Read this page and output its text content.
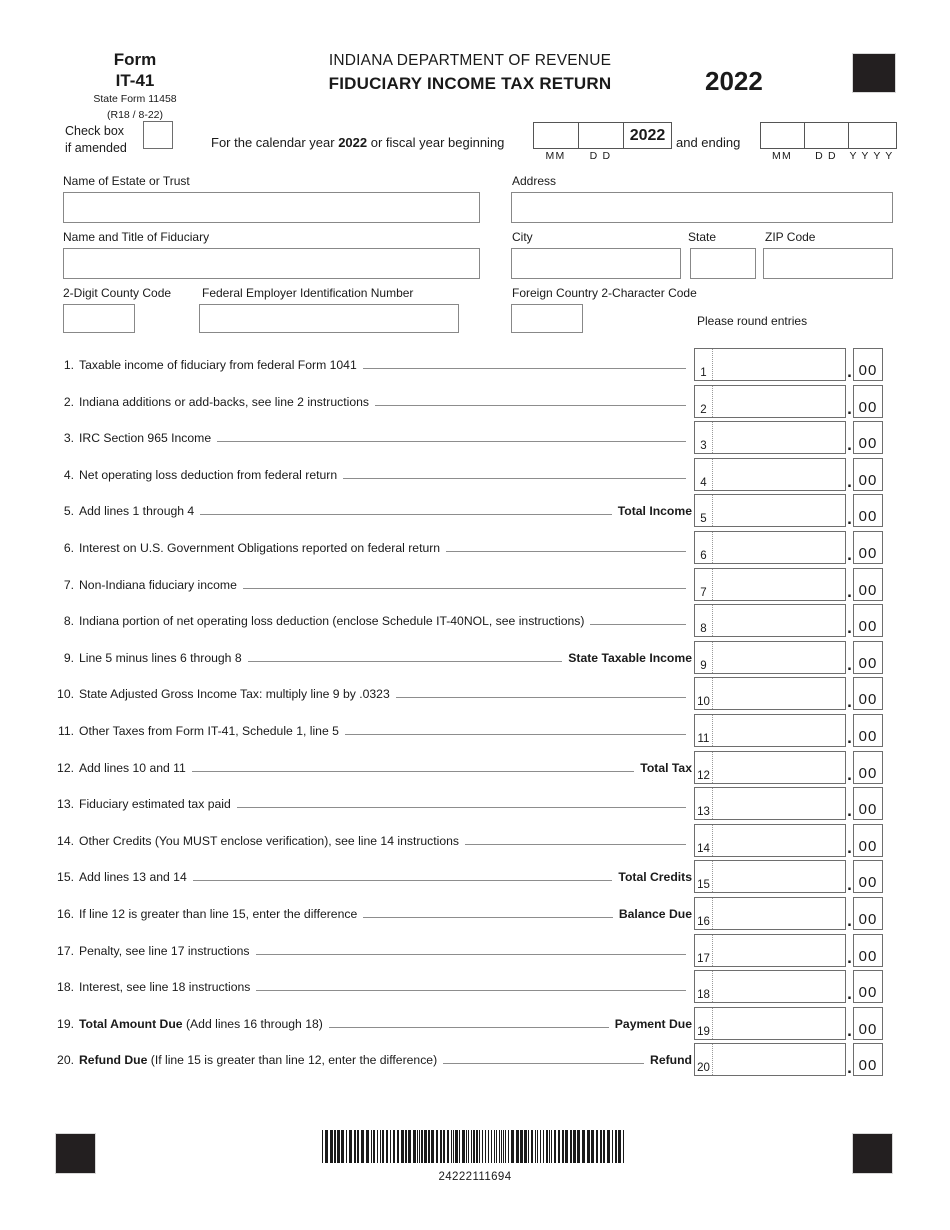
Form
IT-41
State Form 11458
(R18 / 8-22)
INDIANA DEPARTMENT OF REVENUE
FIDUCIARY INCOME TAX RETURN	2022
Check box
if amended	For the calendar year 2022 or fiscal year beginning	2022
MM	D D
and ending
MM	D D	Y Y Y Y
Name of Estate or Trust
Name and Title of Fiduciary
2-Digit County Code	Federal Employer Identification Number
Address
City	State	ZIP Code
Foreign Country 2-Character Code
Please round entries
1. Taxable income of fiduciary from federal Form 1041
1	. 00
2. Indiana additions or add-backs, see line 2 instructions
2	. 00
3. IRC Section 965 Income
3	. 00
4. Net operating loss deduction from federal return
4	. 00
5. Add lines 1 through 4	Total Income
5	. 00
6. Interest on U.S. Government Obligations reported on federal return
6	. 00
7. Non-Indiana fiduciary income
7	. 00
8. Indiana portion of net operating loss deduction (enclose Schedule IT-40NOL, see instructions)
8	. 00
9. Line 5 minus lines 6 through 8	State Taxable Income
9	. 00
10. State Adjusted Gross Income Tax: multiply line 9 by .0323
10	. 00
11. Other Taxes from Form IT-41, Schedule 1, line 5
11	. 00
12. Add lines 10 and 11	Total Tax
12	. 00
13. Fiduciary estimated tax paid
13	. 00
14. Other Credits (You MUST enclose verification), see line 14 instructions
14	. 00
15. Add lines 13 and 14	Total Credits
15	. 00
16. If line 12 is greater than line 15, enter the difference	Balance Due
16	. 00
17. Penalty, see line 17 instructions
17	. 00
18. Interest, see line 18 instructions
18	. 00
19. Total Amount Due (Add lines 16 through 18)	Payment Due
19	. 00
20. Refund Due (If line 15 is greater than line 12, enter the difference)	Refund
20	. 00
24222111694
